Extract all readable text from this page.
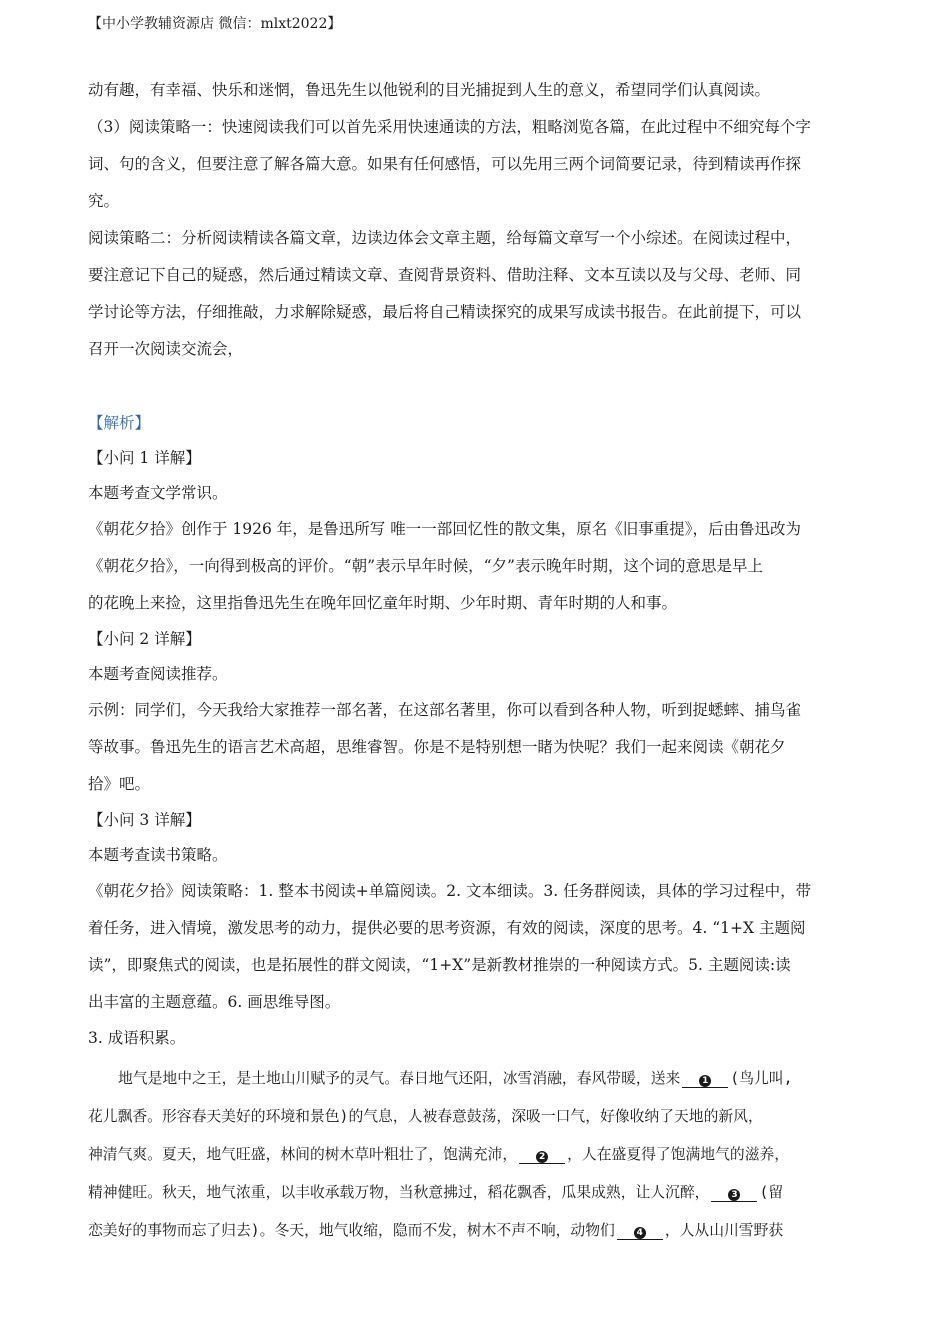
【中小学教辅资源店 微信：mlxt2022】
动有趣，有幸福、快乐和迷惘，鲁迅先生以他锐利的目光捕捉到人生的意义，希望同学们认真阅读。
（3）阅读策略一：快速阅读我们可以首先采用快速通读的方法，粗略浏览各篇，在此过程中不细究每个字
词、句的含义，但要注意了解各篇大意。如果有任何感悟，可以先用三两个词简要记录，待到精读再作探
究。
阅读策略二：分析阅读精读各篇文章，边读边体会文章主题，给每篇文章写一个小综述。在阅读过程中，
要注意记下自己的疑惑，然后通过精读文章、查阅背景资料、借助注释、文本互读以及与父母、老师、同
学讨论等方法，仔细推敲，力求解除疑惑，最后将自己精读探究的成果写成读书报告。在此前提下，可以
召开一次阅读交流会，
【解析】
【小问 1 详解】
本题考查文学常识。
《朝花夕拾》创作于 1926 年，是鲁迅所写 唯一一部回忆性的散文集，原名《旧事重提》，后由鲁迅改为
《朝花夕拾》，一向得到极高的评价。“朝”表示早年时候，“夕”表示晚年时期，这个词的意思是早上
的花晚上来捡，这里指鲁迅先生在晚年回忆童年时期、少年时期、青年时期的人和事。
【小问 2 详解】
本题考查阅读推荐。
示例：同学们，今天我给大家推荐一部名著，在这部名著里，你可以看到各种人物，听到捉蟋蟀、捕鸟雀
等故事。鲁迅先生的语言艺术高超，思维睿智。你是不是特别想一睹为快呢？我们一起来阅读《朝花夕
拾》吧。
【小问 3 详解】
本题考查读书策略。
《朝花夕拾》阅读策略：1. 整本书阅读+单篇阅读。2. 文本细读。3. 任务群阅读，具体的学习过程中，带
着任务，进入情境，激发思考的动力，提供必要的思考资源，有效的阅读，深度的思考。4. “1+X 主题阅
读”，即聚焦式的阅读，也是拓展性的群文阅读，“1+X”是新教材推崇的一种阅读方式。5. 主题阅读:读
出丰富的主题意蕴。6. 画思维导图。
3. 成语积累。
地气是地中之王，是土地山川赋予的灵气。春日地气还阳，冰雪消融，春风带暖，送来 1 (鸟儿叫,
花儿飘香。形容春天美好的环境和景色)的气息，人被春意鼓荡，深吸一口气，好像收纳了天地的新风，
神清气爽。夏天，地气旺盛，林间的树木草叶粗壮了，饱满充沛， 2 ，人在盛夏得了饱满地气的滋养，
精神健旺。秋天，地气浓重，以丰收承载万物，当秋意拂过，稻花飘香，瓜果成熟，让人沉醉， 3 (留
恋美好的事物而忘了归去)。冬天，地气收缩，隐而不发，树木不声不响，动物们 4 ，人从山川雪野获
